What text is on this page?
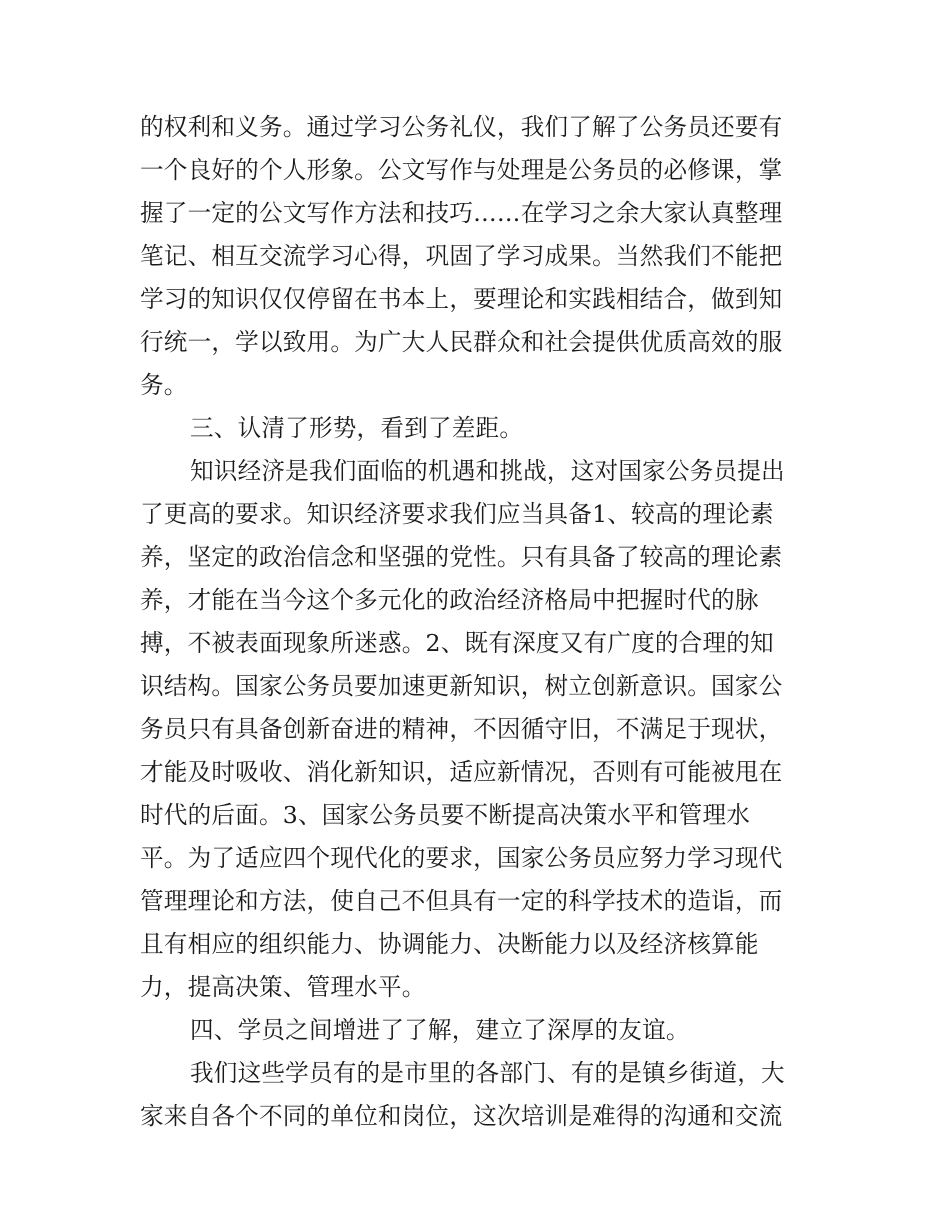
的权利和义务。通过学习公务礼仪，我们了解了公务员还要有
一个良好的个人形象。公文写作与处理是公务员的必修课，掌
握了一定的公文写作方法和技巧……在学习之余大家认真整理
笔记、相互交流学习心得，巩固了学习成果。当然我们不能把
学习的知识仅仅停留在书本上，要理论和实践相结合，做到知
行统一，学以致用。为广大人民群众和社会提供优质高效的服
务。
三、认清了形势，看到了差距。
知识经济是我们面临的机遇和挑战，这对国家公务员提出
了更高的要求。知识经济要求我们应当具备1、较高的理论素
养，坚定的政治信念和坚强的党性。只有具备了较高的理论素
养，才能在当今这个多元化的政治经济格局中把握时代的脉
搏，不被表面现象所迷惑。2、既有深度又有广度的合理的知
识结构。国家公务员要加速更新知识，树立创新意识。国家公
务员只有具备创新奋进的精神，不因循守旧，不满足于现状，
才能及时吸收、消化新知识，适应新情况，否则有可能被甩在
时代的后面。3、国家公务员要不断提高决策水平和管理水
平。为了适应四个现代化的要求，国家公务员应努力学习现代
管理理论和方法，使自己不但具有一定的科学技术的造诣，而
且有相应的组织能力、协调能力、决断能力以及经济核算能
力，提高决策、管理水平。
四、学员之间增进了了解，建立了深厚的友谊。
我们这些学员有的是市里的各部门、有的是镇乡街道，大
家来自各个不同的单位和岗位，这次培训是难得的沟通和交流
